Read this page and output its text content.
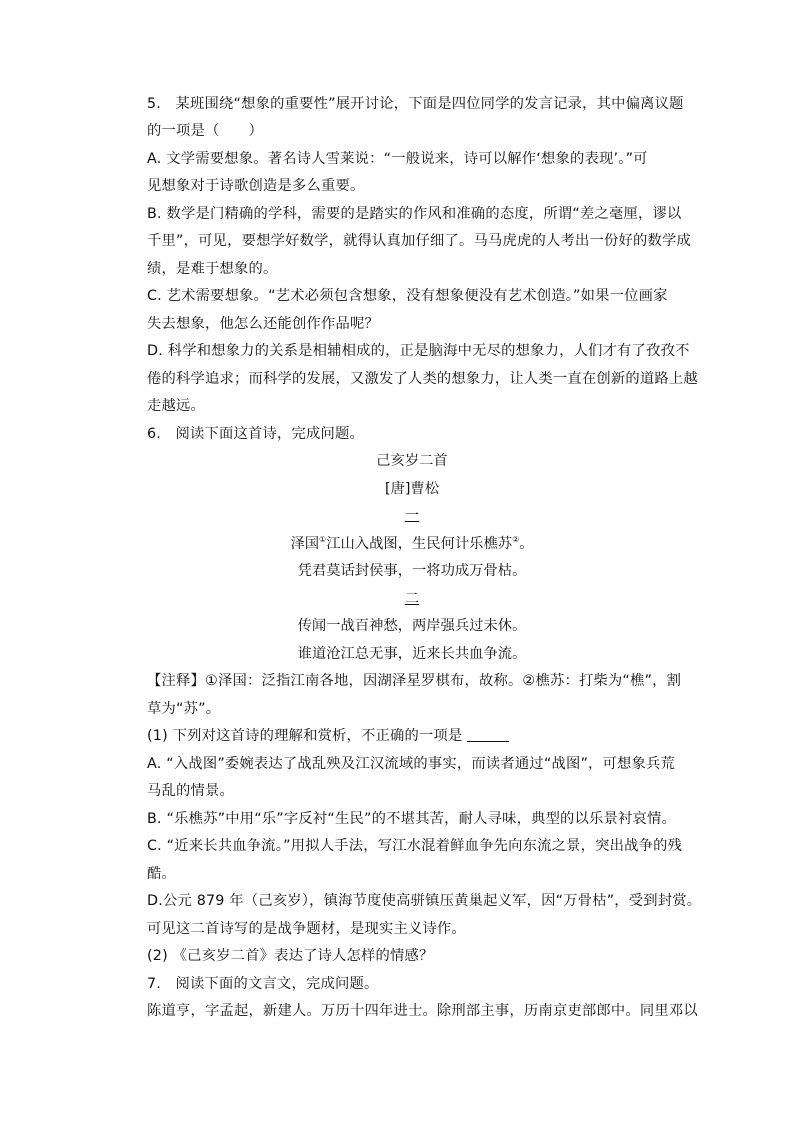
5.　某班围绕“想象的重要性”展开讨论，下面是四位同学的发言记录，其中偏离议题
的一项是（　　）
A. 文学需要想象。著名诗人雪莱说：“一般说来，诗可以解作‘想象的表现’。”可
见想象对于诗歌创造是多么重要。
B. 数学是门精确的学科，需要的是踏实的作风和准确的态度，所谓“差之毫厘，谬以
千里”，可见，要想学好数学，就得认真加仔细了。马马虎虎的人考出一份好的数学成
绩，是难于想象的。
C. 艺术需要想象。“艺术必须包含想象，没有想象便没有艺术创造。”如果一位画家
失去想象，他怎么还能创作作品呢？
D. 科学和想象力的关系是相辅相成的，正是脑海中无尽的想象力，人们才有了孜孜不
倦的科学追求；而科学的发展，又激发了人类的想象力，让人类一直在创新的道路上越
走越远。
6.　阅读下面这首诗，完成问题。
己亥岁二首
[唐]曹松
一
泽国①江山入战图，生民何计乐樵苏②。
凭君莫话封侯事，一将功成万骨枯。
二
传闻一战百神愁，两岸强兵过未休。
谁道沧江总无事，近来长共血争流。
【注释】①泽国：泛指江南各地，因湖泽星罗棋布，故称。②樵苏：打柴为“樵”，割
草为“苏”。
(1) 下列对这首诗的理解和赏析，不正确的一项是
A. “入战图”委婉表达了战乱殃及江汉流域的事实，而读者通过“战图”，可想象兵荒
马乱的情景。
B. “乐樵苏”中用“乐”字反衬“生民”的不堪其苦，耐人寻味，典型的以乐景衬哀情。
C. “近来长共血争流。”用拟人手法，写江水混着鲜血争先向东流之景，突出战争的残
酷。
D.公元 879 年（己亥岁），镇海节度使高骈镇压黄巢起义军，因“万骨枯”，受到封赏。
可见这二首诗写的是战争题材，是现实主义诗作。
(2) 《己亥岁二首》表达了诗人怎样的情感？
7.　阅读下面的文言文，完成问题。
陈道亨，字孟起，新建人。万历十四年进士。除刑部主事，历南京吏部郎中。同里邓以
